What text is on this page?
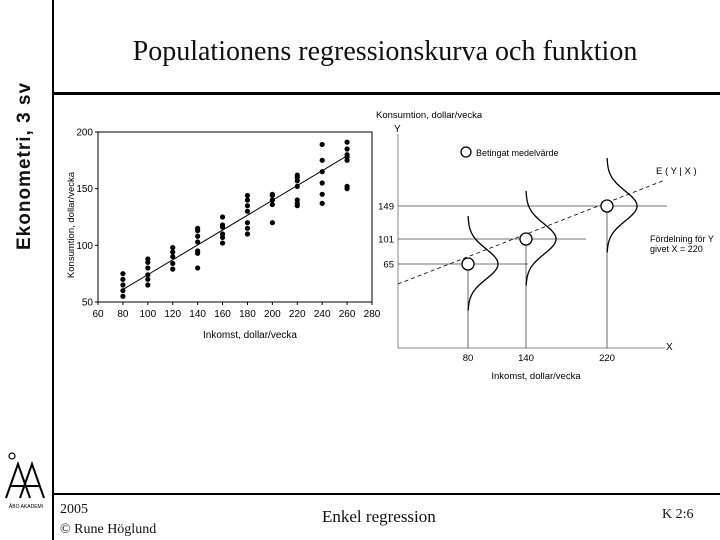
Ekonometri, 3 sv
ÅBO AKADEMI
Populationens regressionskurva och funktion
60 80 100 120 140 160 180 200 220 240 260 280
50
100
150
200
Inkomst, dollar/vecka
Konsumtion, dollar/vecka	65
80
101
140
149
220
Konsumtion, dollar/vecka
Y
X
Inkomst, dollar/vecka
Betingat medelvärde
E ( Y | X )
Fördelning för Y
givet X = 220
2005
© Rune Höglund
Enkel regression	K 2:6
